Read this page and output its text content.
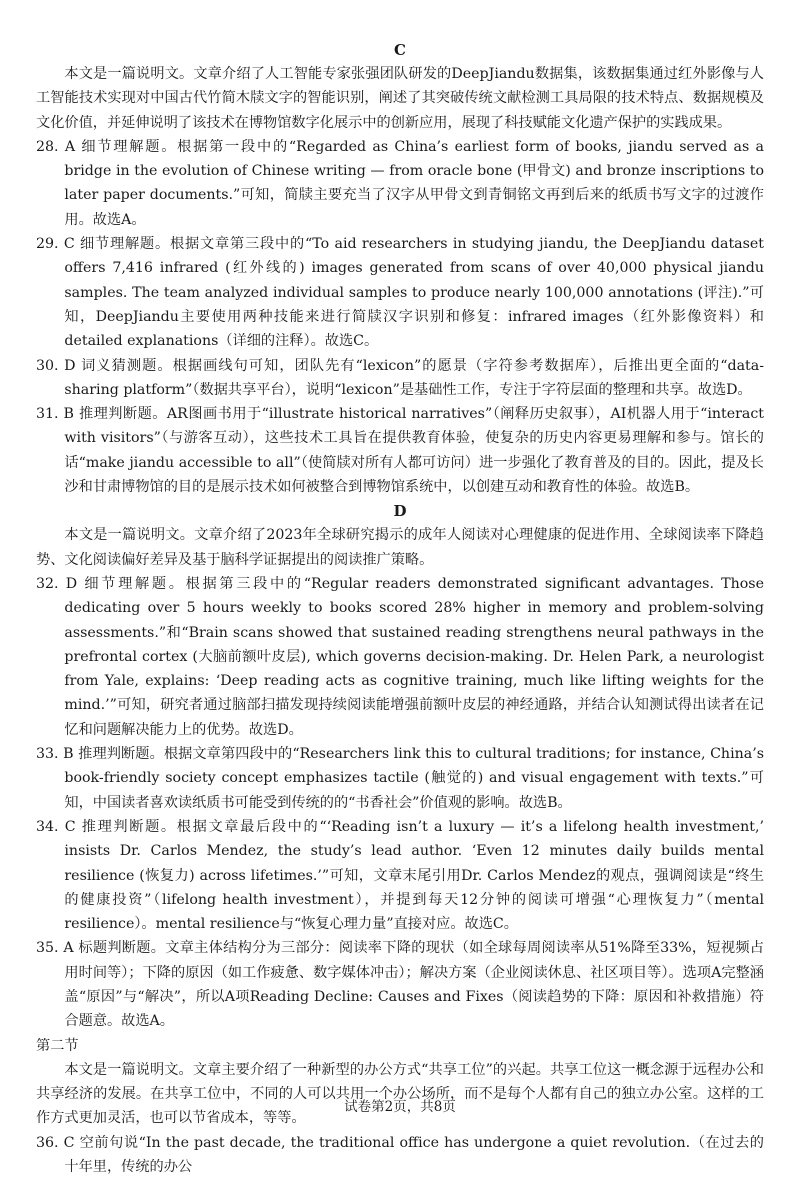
C

本文是一篇说明文。文章介绍了人工智能专家张强团队研发的DeepJiandu数据集，该数据集通过红外影像与人工智能技术实现对中国古代竹简木牍文字的智能识别，阐述了其突破传统文献检测工具局限的技术特点、数据规模及文化价值，并延伸说明了该技术在博物馆数字化展示中的创新应用，展现了科技赋能文化遗产保护的实践成果。

28. A 细节理解题。根据第一段中的“Regarded as China’s earliest form of books, jiandu served as a bridge in the evolution of Chinese writing — from oracle bone (甲骨文) and bronze inscriptions to later paper documents.”可知，简牍主要充当了汉字从甲骨文到青铜铭文再到后来的纸质书写文字的过渡作用。故选A。

29. C 细节理解题。根据文章第三段中的“To aid researchers in studying jiandu, the DeepJiandu dataset offers 7,416 infrared (红外线的) images generated from scans of over 40,000 physical jiandu samples. The team analyzed individual samples to produce nearly 100,000 annotations (评注).”可知，DeepJiandu主要使用两种技能来进行简牍汉字识别和修复：infrared images（红外影像资料）和detailed explanations（详细的注释）。故选C。

30. D 词义猜测题。根据画线句可知，团队先有“lexicon”的愿景（字符参考数据库），后推出更全面的“data-sharing platform”（数据共享平台），说明“lexicon”是基础性工作，专注于字符层面的整理和共享。故选D。

31. B 推理判断题。AR图画书用于“illustrate historical narratives”（阐释历史叙事），AI机器人用于“interact with visitors”（与游客互动），这些技术工具旨在提供教育体验，使复杂的历史内容更易理解和参与。馆长的话“make jiandu accessible to all”（使简牍对所有人都可访问）进一步强化了教育普及的目的。因此，提及长沙和甘肃博物馆的目的是展示技术如何被整合到博物馆系统中，以创建互动和教育性的体验。故选B。

D

本文是一篇说明文。文章介绍了2023年全球研究揭示的成年人阅读对心理健康的促进作用、全球阅读率下降趋势、文化阅读偏好差异及基于脑科学证据提出的阅读推广策略。

32. D 细节理解题。根据第三段中的“Regular readers demonstrated significant advantages. Those dedicating over 5 hours weekly to books scored 28% higher in memory and problem-solving assessments.”和“Brain scans showed that sustained reading strengthens neural pathways in the prefrontal cortex (大脑前额叶皮层), which governs decision-making. Dr. Helen Park, a neurologist from Yale, explains: ‘Deep reading acts as cognitive training, much like lifting weights for the mind.’”可知，研究者通过脑部扫描发现持续阅读能增强前额叶皮层的神经通路，并结合认知测试得出读者在记忆和问题解决能力上的优势。故选D。

33. B 推理判断题。根据文章第四段中的“Researchers link this to cultural traditions; for instance, China’s book-friendly society concept emphasizes tactile (触觉的) and visual engagement with texts.”可知，中国读者喜欢读纸质书可能受到传统的的“书香社会”价值观的影响。故选B。

34. C 推理判断题。根据文章最后段中的“‘Reading isn’t a luxury — it’s a lifelong health investment,’ insists Dr. Carlos Mendez, the study’s lead author. ‘Even 12 minutes daily builds mental resilience (恢复力) across lifetimes.’”可知，文章末尾引用Dr. Carlos Mendez的观点，强调阅读是“终生的健康投资”（lifelong health investment），并提到每天12分钟的阅读可增强“心理恢复力”（mental resilience）。mental resilience与“恢复心理力量”直接对应。故选C。

35. A 标题判断题。文章主体结构分为三部分：阅读率下降的现状（如全球每周阅读率从51%降至33%，短视频占用时间等）；下降的原因（如工作疲惫、数字媒体冲击）；解决方案（企业阅读休息、社区项目等）。选项A完整涵盖“原因”与“解决”，所以A项Reading Decline: Causes and Fixes（阅读趋势的下降：原因和补救措施）符合题意。故选A。

第二节

本文是一篇说明文。文章主要介绍了一种新型的办公方式“共享工位”的兴起。共享工位这一概念源于远程办公和共享经济的发展。在共享工位中，不同的人可以共用一个办公场所，而不是每个人都有自己的独立办公室。这样的工作方式更加灵活，也可以节省成本，等等。

36. C 空前句说“In the past decade, the traditional office has undergone a quiet revolution.（在过去的十年里，传统的办公

试卷第2页，共8页
